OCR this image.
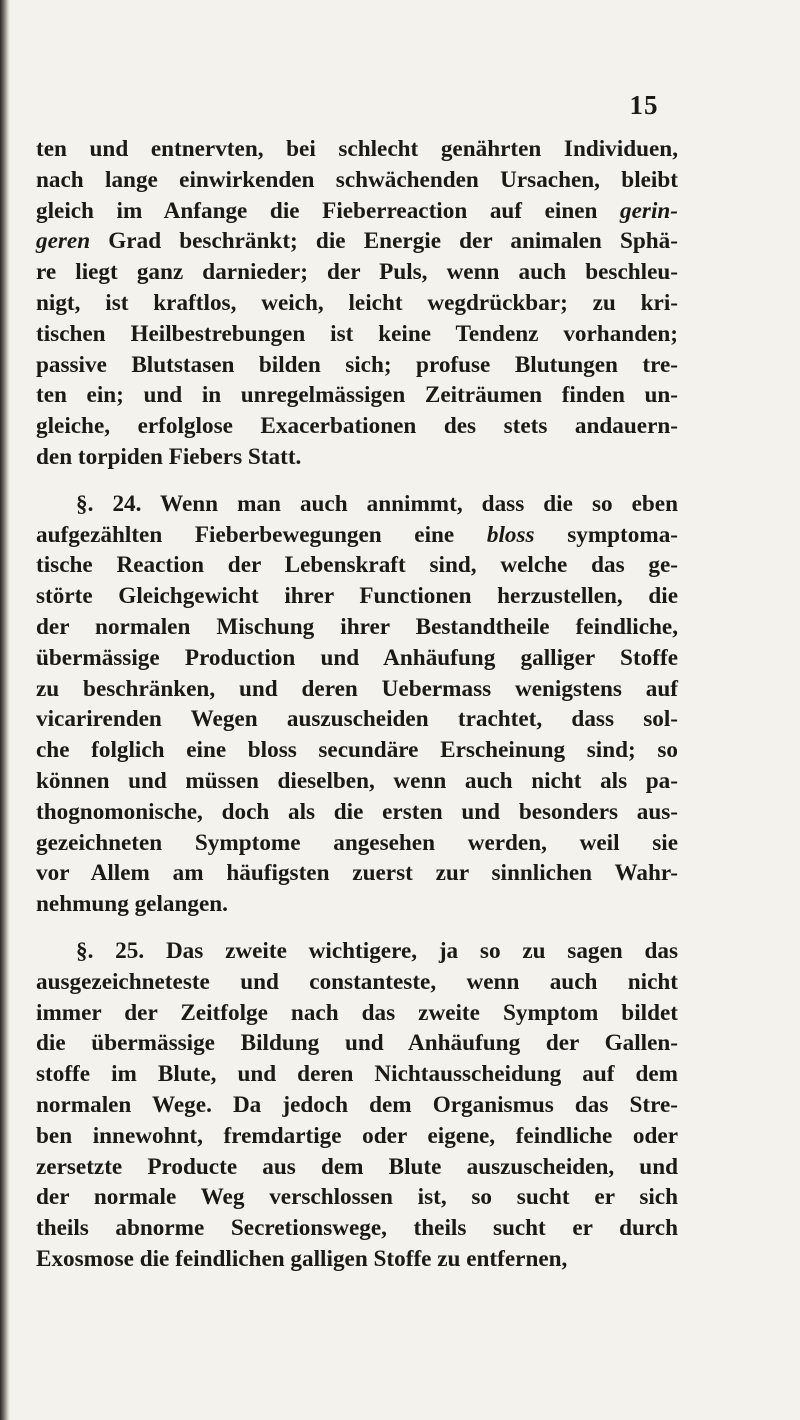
15
ten und entnervten, bei schlecht genährten Individuen,
nach lange einwirkenden schwächenden Ursachen, bleibt
gleich im Anfange die Fieberreaction auf einen gerin-
geren Grad beschränkt; die Energie der animalen Sphä-
re liegt ganz darnieder; der Puls, wenn auch beschleu-
nigt, ist kraftlos, weich, leicht wegdrückbar; zu kri-
tischen Heilbestrebungen ist keine Tendenz vorhanden;
passive Blutstasen bilden sich; profuse Blutungen tre-
ten ein; und in unregelmässigen Zeiträumen finden un-
gleiche, erfolglose Exacerbationen des stets andauern-
den torpiden Fiebers Statt.
§. 24. Wenn man auch annimmt, dass die so eben
aufgezählten Fieberbewegungen eine bloss symptoma-
tische Reaction der Lebenskraft sind, welche das ge-
störte Gleichgewicht ihrer Functionen herzustellen, die
der normalen Mischung ihrer Bestandtheile feindliche,
übermässige Production und Anhäufung galliger Stoffe
zu beschränken, und deren Uebermass wenigstens auf
vicarirenden Wegen auszuscheiden trachtet, dass sol-
che folglich eine bloss secundäre Erscheinung sind; so
können und müssen dieselben, wenn auch nicht als pa-
thognomonische, doch als die ersten und besonders aus-
gezeichneten Symptome angesehen werden, weil sie
vor Allem am häufigsten zuerst zur sinnlichen Wahr-
nehmung gelangen.
§. 25. Das zweite wichtigere, ja so zu sagen das
ausgezeichneteste und constanteste, wenn auch nicht
immer der Zeitfolge nach das zweite Symptom bildet
die übermässige Bildung und Anhäufung der Gallen-
stoffe im Blute, und deren Nichtausscheidung auf dem
normalen Wege. Da jedoch dem Organismus das Stre-
ben innewohnt, fremdartige oder eigene, feindliche oder
zersetzte Producte aus dem Blute auszuscheiden, und
der normale Weg verschlossen ist, so sucht er sich
theils abnorme Secretionswege, theils sucht er durch
Exosmose die feindlichen galligen Stoffe zu entfernen,
